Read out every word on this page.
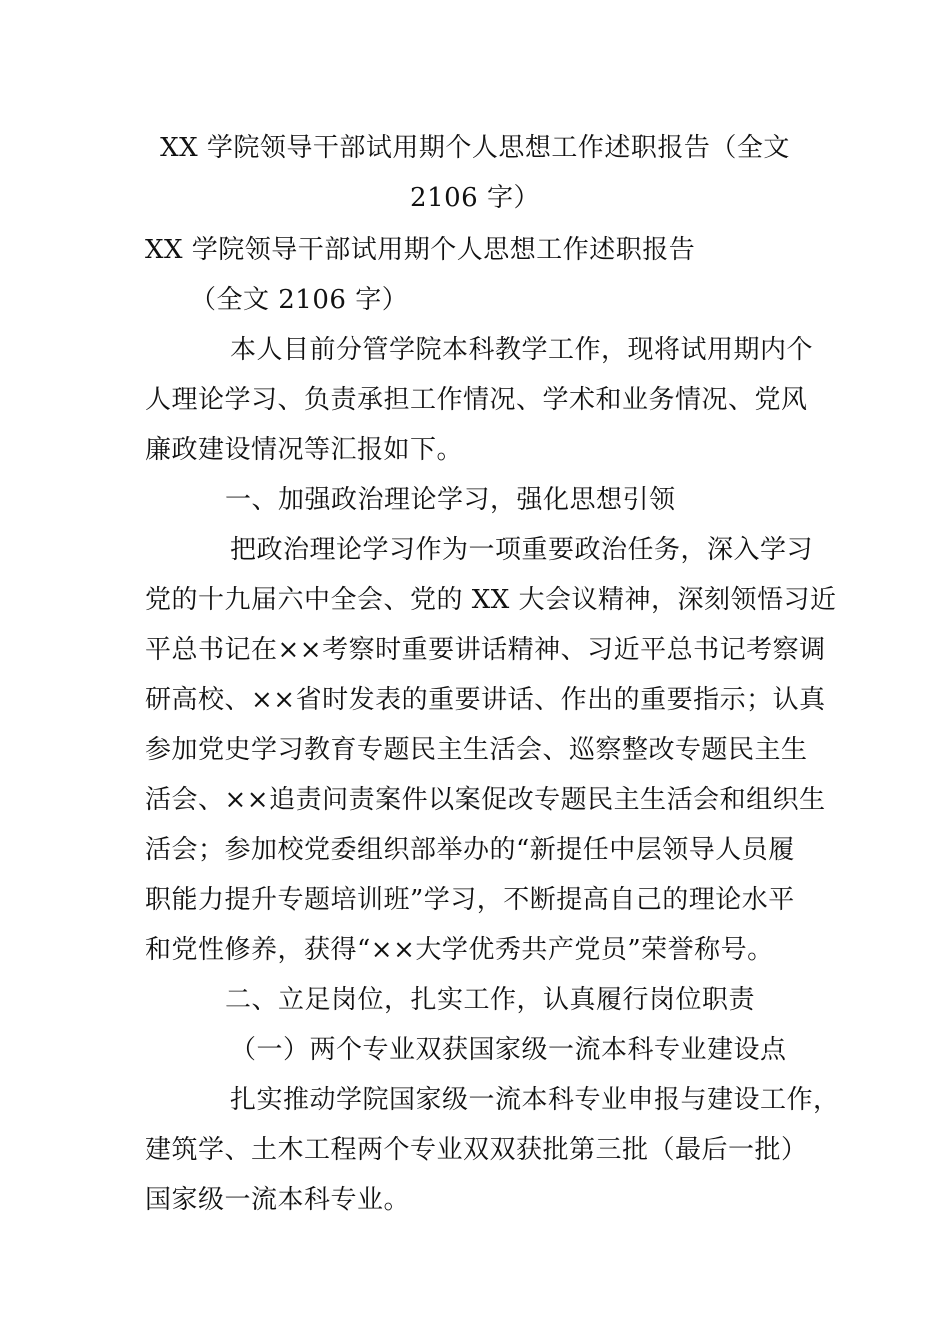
XX 学院领导干部试用期个人思想工作述职报告（全文
2106 字）
XX 学院领导干部试用期个人思想工作述职报告
（全文 2106 字）
本人目前分管学院本科教学工作，现将试用期内个
人理论学习、负责承担工作情况、学术和业务情况、党风
廉政建设情况等汇报如下。
一、加强政治理论学习，强化思想引领
把政治理论学习作为一项重要政治任务，深入学习
党的十九届六中全会、党的 XX 大会议精神，深刻领悟习近
平总书记在××考察时重要讲话精神、习近平总书记考察调
研高校、××省时发表的重要讲话、作出的重要指示；认真
参加党史学习教育专题民主生活会、巡察整改专题民主生
活会、××追责问责案件以案促改专题民主生活会和组织生
活会；参加校党委组织部举办的“新提任中层领导人员履
职能力提升专题培训班”学习，不断提高自己的理论水平
和党性修养，获得“××大学优秀共产党员”荣誉称号。
二、立足岗位，扎实工作，认真履行岗位职责
（一）两个专业双获国家级一流本科专业建设点
扎实推动学院国家级一流本科专业申报与建设工作，
建筑学、土木工程两个专业双双获批第三批（最后一批）
国家级一流本科专业。
